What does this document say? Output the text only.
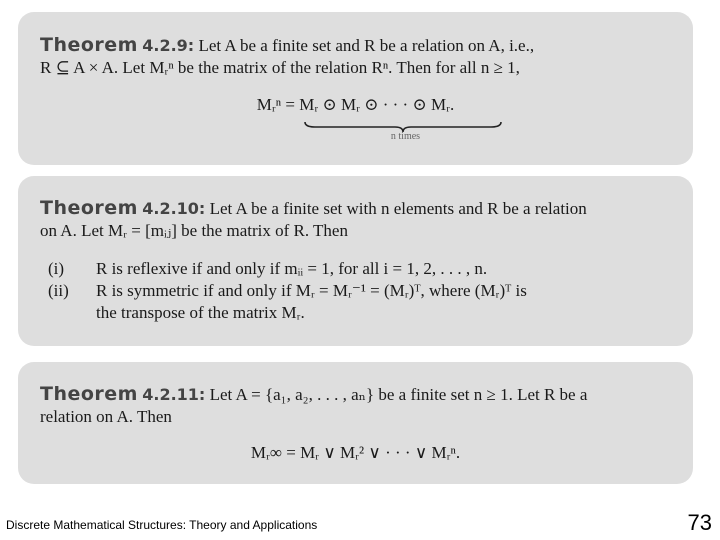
Theorem 4.2.9: Let A be a finite set and R be a relation on A, i.e.,
R ⊆ A × A. Let Mᵣⁿ be the matrix of the relation Rⁿ. Then for all n ≥ 1,
Mᵣⁿ = Mᵣ ⊙ Mᵣ ⊙ · · · ⊙ Mᵣ.
n times
Theorem 4.2.10: Let A be a finite set with n elements and R be a relation
on A. Let Mᵣ = [mᵢⱼ] be the matrix of R. Then
(i) R is reflexive if and only if mᵢᵢ = 1, for all i = 1, 2, . . . , n.
(ii) R is symmetric if and only if Mᵣ = Mᵣ⁻¹ = (Mᵣ)ᵀ, where (Mᵣ)ᵀ is
the transpose of the matrix Mᵣ.
Theorem 4.2.11: Let A = {a₁, a₂, . . . , aₙ} be a finite set n ≥ 1. Let R be a
relation on A. Then
Mᵣ∞ = Mᵣ ∨ Mᵣ² ∨ · · · ∨ Mᵣⁿ.
Discrete Mathematical Structures: Theory and Applications	73
